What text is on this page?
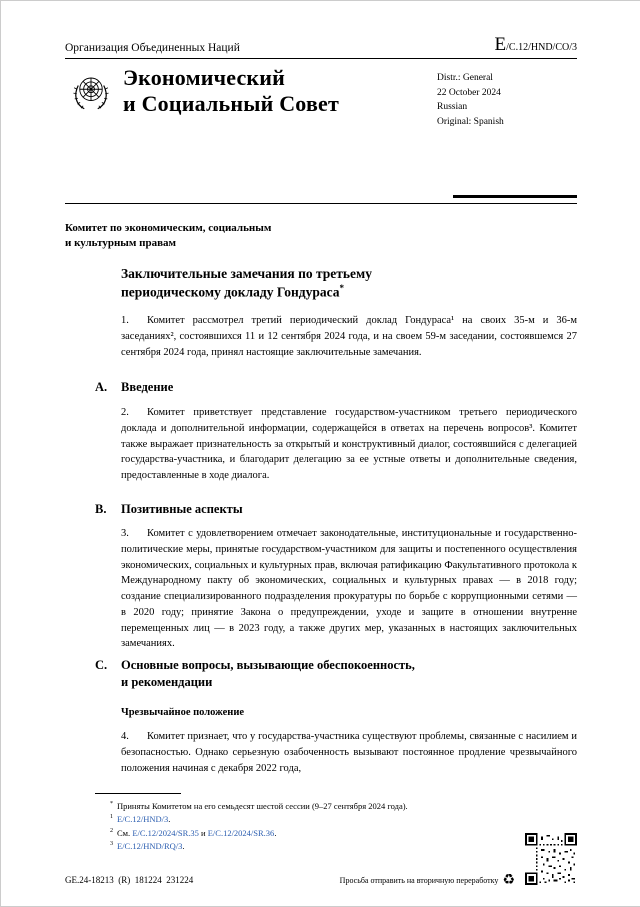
Организация Объединенных Наций	E/C.12/HND/CO/3
Экономический
и Социальный Совет
Distr.: General
22 October 2024
Russian
Original: Spanish
Комитет по экономическим, социальным
и культурным правам
Заключительные замечания по третьему
периодическому докладу Гондураса*

1. Комитет рассмотрел третий периодический доклад Гондураса¹ на своих 35-м и 36-м заседаниях², состоявшихся 11 и 12 сентября 2024 года, и на своем 59-м заседании, состоявшемся 27 сентября 2024 года, принял настоящие заключительные замечания.

A.	Введение

2. Комитет приветствует представление государством-участником третьего периодического доклада и дополнительной информации, содержащейся в ответах на перечень вопросов³. Комитет также выражает признательность за открытый и конструктивный диалог, состоявшийся с делегацией государства-участника, и благодарит делегацию за ее устные ответы и дополнительные сведения, предоставленные в ходе диалога.

B.	Позитивные аспекты

3. Комитет с удовлетворением отмечает законодательные, институциональные и государственно-политические меры, принятые государством-участником для защиты и постепенного осуществления экономических, социальных и культурных прав, включая ратификацию Факультативного протокола к Международному пакту об экономических, социальных и культурных правах — в 2018 году; создание специализированного подразделения прокуратуры по борьбе с коррупционными сетями — в 2020 году; принятие Закона о предупреждении, уходе и защите в отношении внутренне перемещенных лиц — в 2023 году, а также других мер, указанных в настоящих заключительных замечаниях.

C.	Основные вопросы, вызывающие обеспокоенность,
и рекомендации
Чрезвычайное положение

4. Комитет признает, что у государства-участника существуют проблемы, связанные с насилием и безопасностью. Однако серьезную озабоченность вызывают постоянное продление чрезвычайного положения начиная с декабря 2022 года,

* Приняты Комитетом на его семьдесят шестой сессии (9–27 сентября 2024 года).
$^1$ E/C.12/HND/3.
$^2$ См. E/C.12/2024/SR.35 и E/C.12/2024/SR.36.
$^3$ E/C.12/HND/RQ/3.
GE.24-18213  (R)  181224  231224	Просьба отправить на вторичную переработку ♻
